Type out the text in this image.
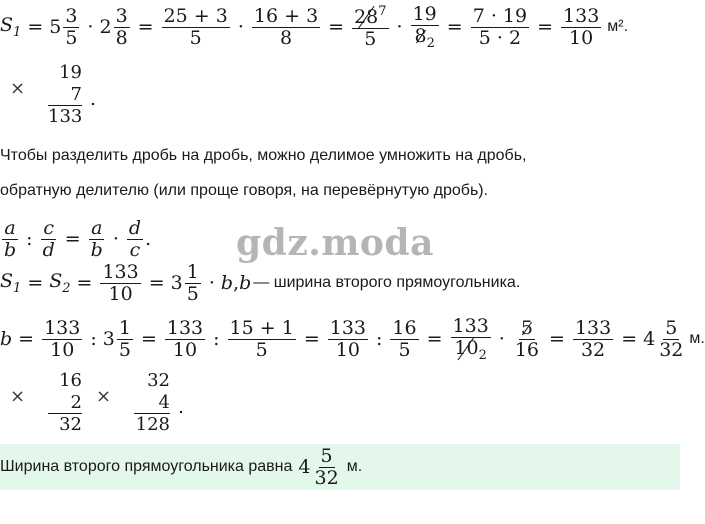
$S_1 = 5 \frac{3}{5} \cdot 2 \frac{3}{8} = \frac{25 + 3}{5} \cdot \frac{16 + 3}{8} = 28$
$^7$
5 · 19
8
$_2 = \frac{7 \cdot 19}{5 \cdot 2} = \frac{133}{10} м^2$.
×
19
7
133
.
Чтобы разделить дробь на дробь, можно делимое умножить на дробь,
обратную делителю (или проще говоря, на перевёрнутую дробь).
$\frac{a}{b}$ : $\frac{c}{d} = \frac{a}{b} \cdot \frac{d}{c}$ . gdz.moda
$S_1 = S_2 = \frac{133}{10} = 3 \frac{1}{5} \cdot b$ , b — ширина второго прямоугольника.
$b = \frac{133}{10}$ : $3 \frac{1}{5} = \frac{133}{10}$ : $\frac{15 + 1}{5} = \frac{133}{10}$ : $\frac{16}{5} = 133$
10
$_2 \cdot \frac{5}{16} = \frac{133}{32} = 4 \frac{5}{32} м$.
×
16
2
32
×
32
4
128
.
Ширина второго прямоугольника равна $4 \frac{5}{32} м$.
